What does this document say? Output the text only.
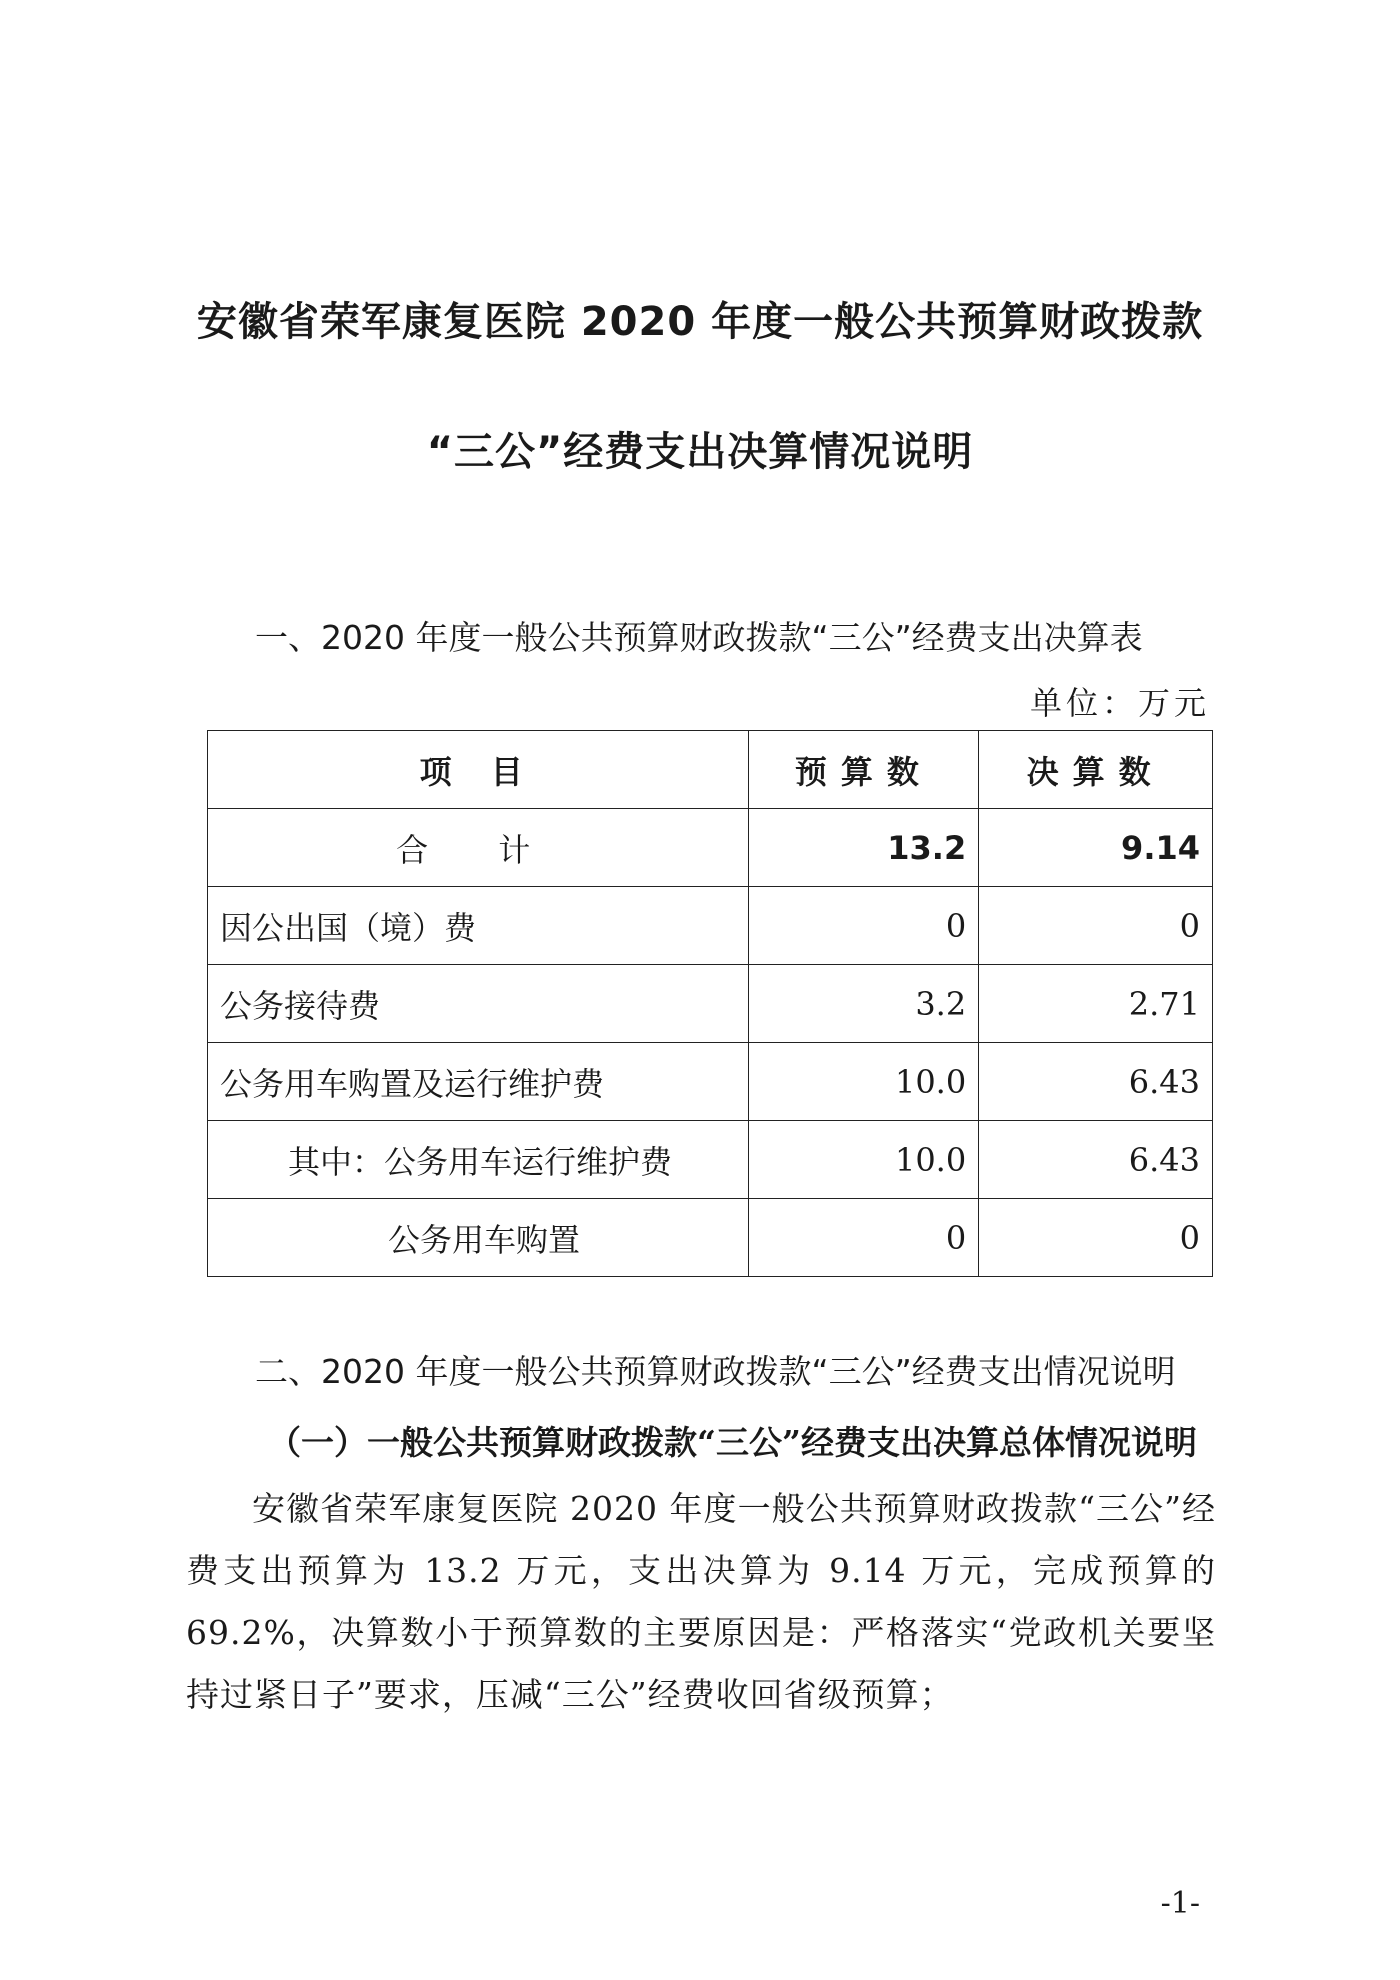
安徽省荣军康复医院 2020 年度一般公共预算财政拨款
“三公”经费支出决算情况说明
一、2020 年度一般公共预算财政拨款“三公”经费支出决算表
单位：万元
项 目	预算数	决算数
合 计	13.2	9.14
因公出国（境）费	0	0
公务接待费	3.2	2.71
公务用车购置及运行维护费	10.0	6.43
其中：公务用车运行维护费	10.0	6.43
公务用车购置	0	0
二、2020 年度一般公共预算财政拨款“三公”经费支出情况说明
（一）一般公共预算财政拨款“三公”经费支出决算总体情况说明

安徽省荣军康复医院 2020 年度一般公共预算财政拨款“三公”经费支出预算为 13.2 万元，支出决算为 9.14 万元，完成预算的 69.2%，决算数小于预算数的主要原因是：严格落实“党政机关要坚持过紧日子”要求，压减“三公”经费收回省级预算；

-1-
